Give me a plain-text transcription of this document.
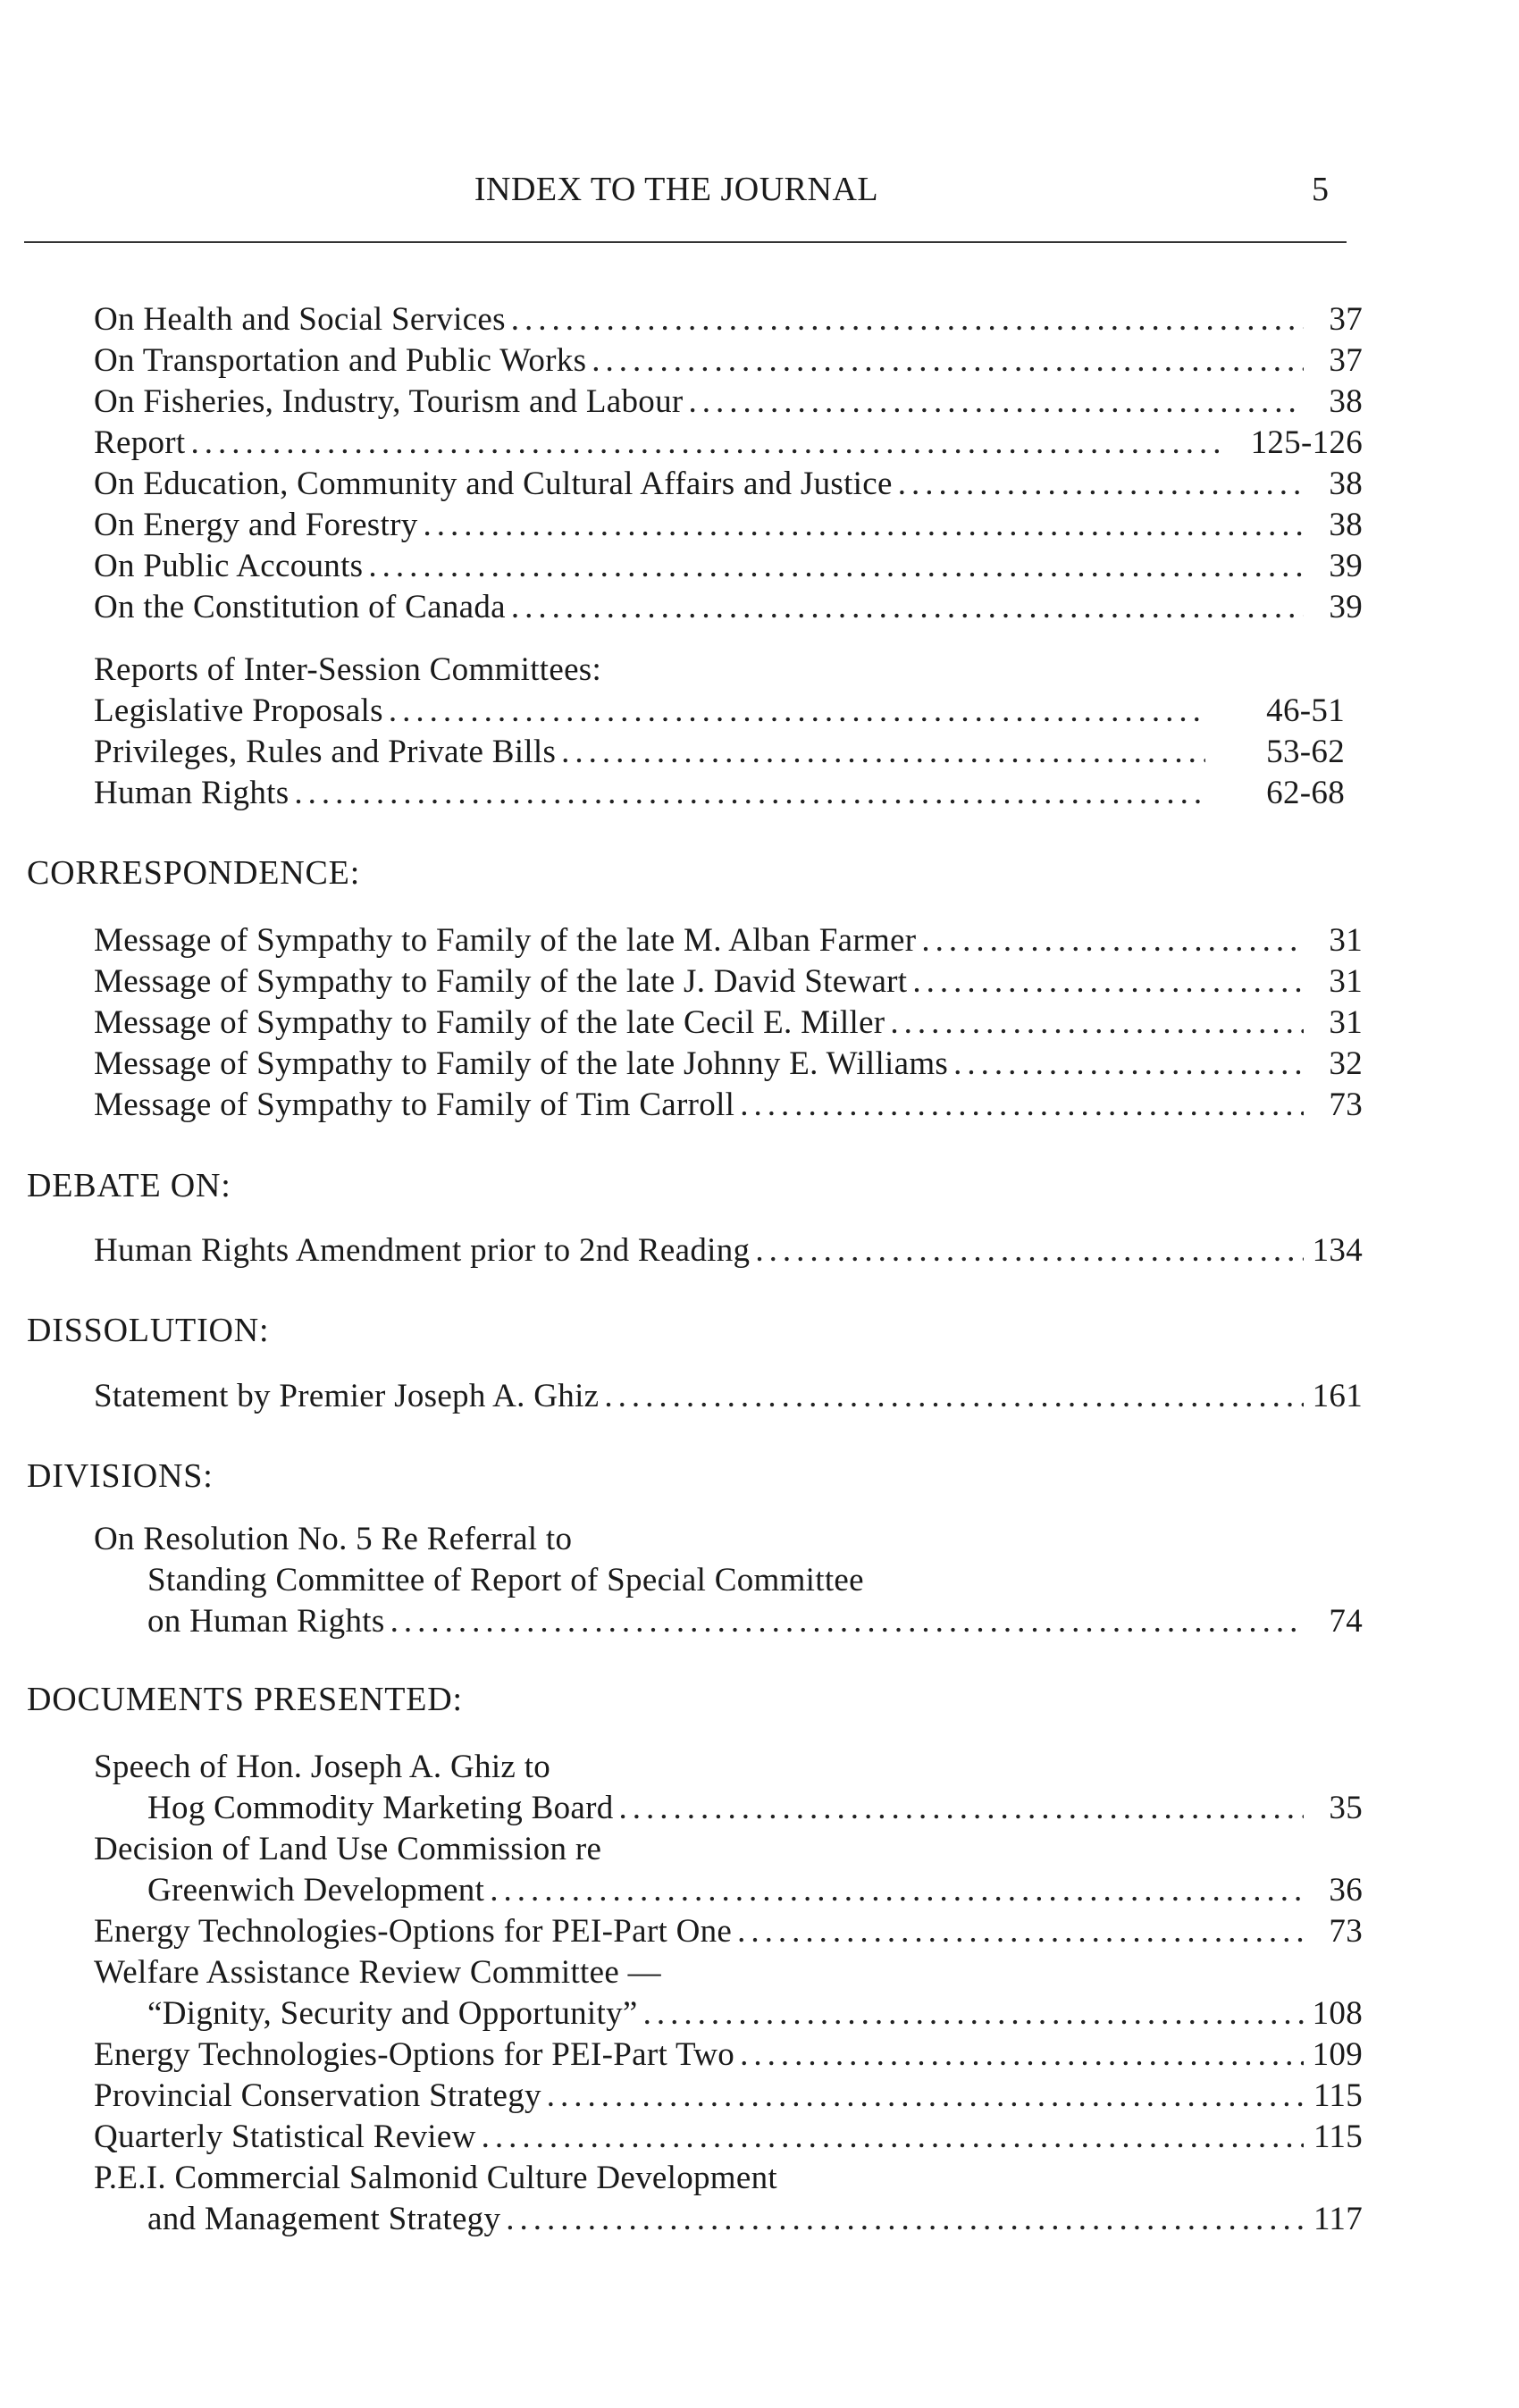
INDEX TO THE JOURNAL	5
On Health and Social Services .....	37
On Transportation and Public Works .....	37
On Fisheries, Industry, Tourism and Labour .....	38
Report .....	125-126
On Education, Community and Cultural Affairs and Justice .....	38
On Energy and Forestry .....	38
On Public Accounts .....	39
On the Constitution of Canada .....	39
Reports of Inter-Session Committees:
Legislative Proposals .....	46-51
Privileges, Rules and Private Bills .....	53-62
Human Rights .....	62-68
CORRESPONDENCE:
Message of Sympathy to Family of the late M. Alban Farmer .....	31
Message of Sympathy to Family of the late J. David Stewart .....	31
Message of Sympathy to Family of the late Cecil E. Miller .....	31
Message of Sympathy to Family of the late Johnny E. Williams .....	32
Message of Sympathy to Family of Tim Carroll .....	73
DEBATE ON:
Human Rights Amendment prior to 2nd Reading .....	134
DISSOLUTION:
Statement by Premier Joseph A. Ghiz .....	161
DIVISIONS:
On Resolution No. 5 Re Referral to
Standing Committee of Report of Special Committee
on Human Rights .....	74
DOCUMENTS PRESENTED:
Speech of Hon. Joseph A. Ghiz to
Hog Commodity Marketing Board .....	35
Decision of Land Use Commission re
Greenwich Development .....	36
Energy Technologies-Options for PEI-Part One .....	73
Welfare Assistance Review Committee —
“Dignity, Security and Opportunity” .....	108
Energy Technologies-Options for PEI-Part Two .....	109
Provincial Conservation Strategy .....	115
Quarterly Statistical Review .....	115
P.E.I. Commercial Salmonid Culture Development
and Management Strategy .....	117
